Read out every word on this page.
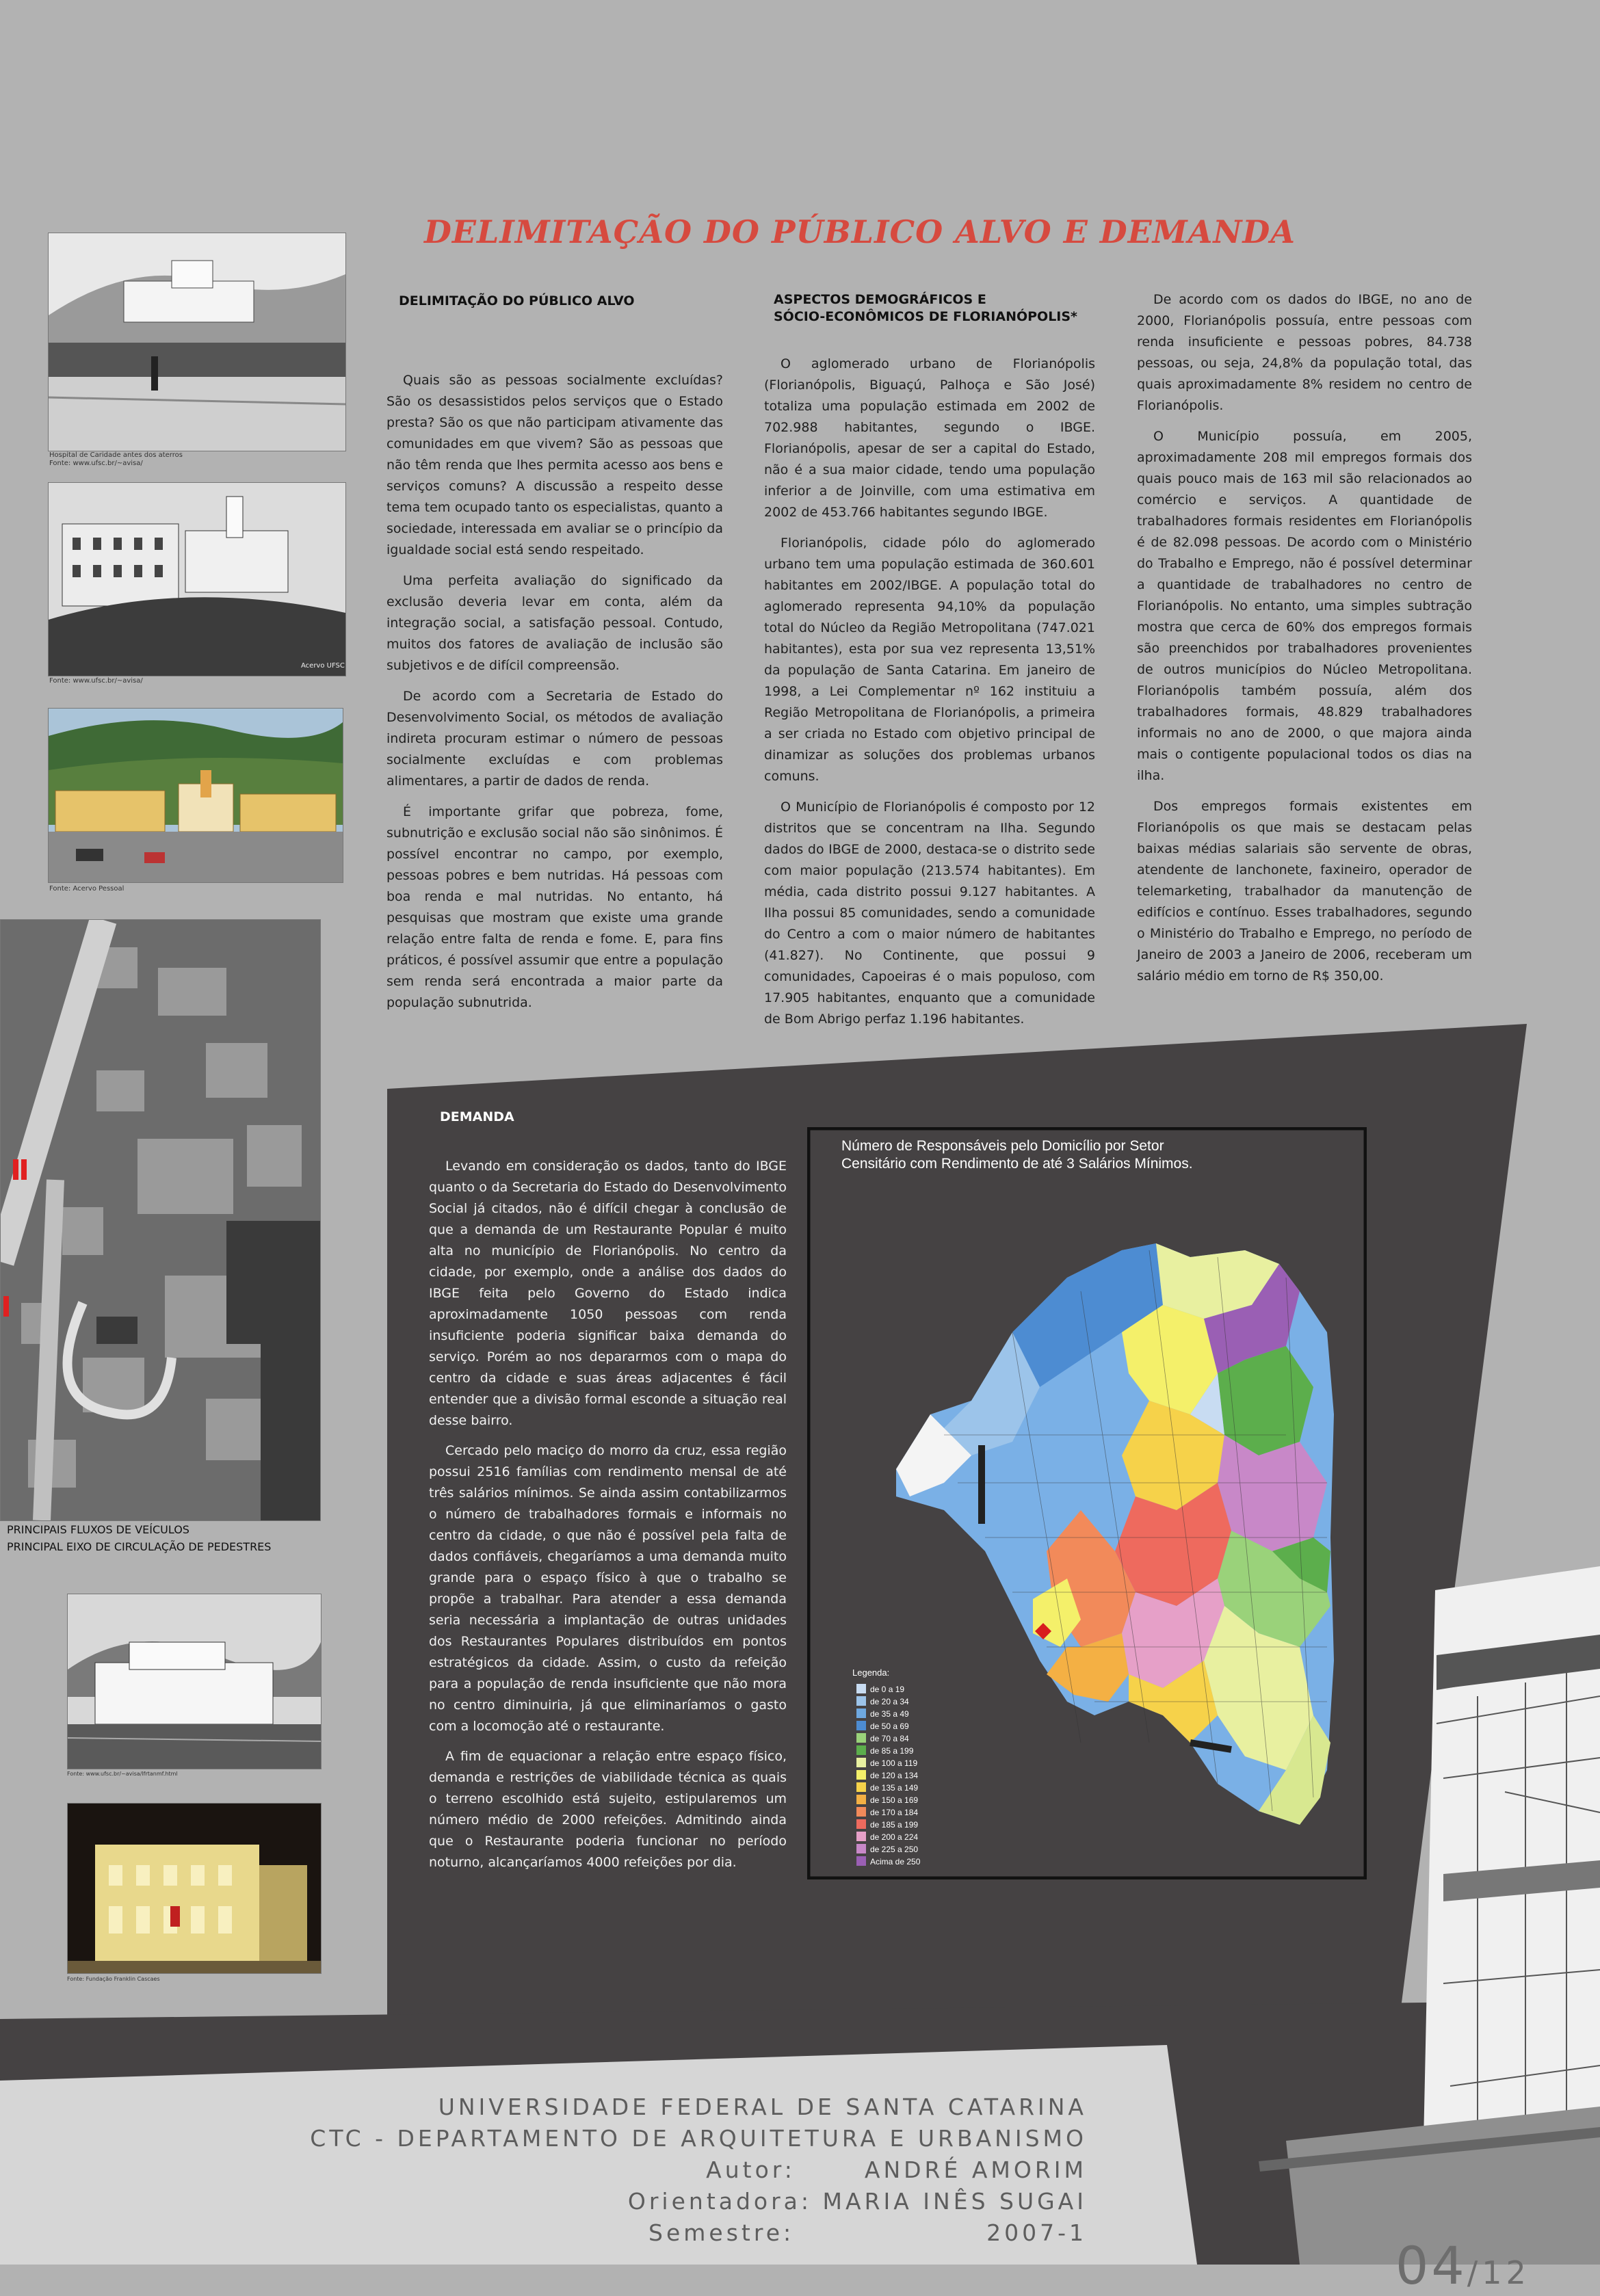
DELIMITAÇÃO DO PÚBLICO ALVO E DEMANDA
Hospital de Caridade antes dos aterros
Fonte: www.ufsc.br/~avisa/
Fonte: www.ufsc.br/~avisa/
Acervo UFSC
Fonte: Acervo Pessoal
PRINCIPAIS FLUXOS DE VEÍCULOS
PRINCIPAL EIXO DE CIRCULAÇÃO DE PEDESTRES
Fonte: www.ufsc.br/~avisa/lfrtanmf.html
Fonte: Fundação Franklin Cascaes
DELIMITAÇÃO DO PÚBLICO ALVO

Quais são as pessoas socialmente excluídas? São os desassistidos pelos serviços que o Estado presta? São os que não participam ativamente das comunidades em que vivem? São as pessoas que não têm renda que lhes permita acesso aos bens e serviços comuns? A discussão a respeito desse tema tem ocupado tanto os especialistas, quanto a sociedade, interessada em avaliar se o princípio da igualdade social está sendo respeitado.

Uma perfeita avaliação do significado da exclusão deveria levar em conta, além da integração social, a satisfação pessoal. Contudo, muitos dos fatores de avaliação de inclusão são subjetivos e de difícil compreensão.

De acordo com a Secretaria de Estado do Desenvolvimento Social, os métodos de avaliação indireta procuram estimar o número de pessoas socialmente excluídas e com problemas alimentares, a partir de dados de renda.

É importante grifar que pobreza, fome, subnutrição e exclusão social não são sinônimos. É possível encontrar no campo, por exemplo, pessoas pobres e bem nutridas. Há pessoas com boa renda e mal nutridas. No entanto, há pesquisas que mostram que existe uma grande relação entre falta de renda e fome. E, para fins práticos, é possível assumir que entre a população sem renda será encontrada a maior parte da população subnutrida.

ASPECTOS DEMOGRÁFICOS E
SÓCIO-ECONÔMICOS DE FLORIANÓPOLIS*

O aglomerado urbano de Florianópolis (Florianópolis, Biguaçú, Palhoça e São José) totaliza uma população estimada em 2002 de 702.988 habitantes, segundo o IBGE. Florianópolis, apesar de ser a capital do Estado, não é a sua maior cidade, tendo uma população inferior a de Joinville, com uma estimativa em 2002 de 453.766 habitantes segundo IBGE.

Florianópolis, cidade pólo do aglomerado urbano tem uma população estimada de 360.601 habitantes em 2002/IBGE. A população total do aglomerado representa 94,10% da população total do Núcleo da Região Metropolitana (747.021 habitantes), esta por sua vez representa 13,51% da população de Santa Catarina. Em janeiro de 1998, a Lei Complementar nº 162 instituiu a Região Metropolitana de Florianópolis, a primeira a ser criada no Estado com objetivo principal de dinamizar as soluções dos problemas urbanos comuns.

O Município de Florianópolis é composto por 12 distritos que se concentram na Ilha. Segundo dados do IBGE de 2000, destaca-se o distrito sede com maior população (213.574 habitantes). Em média, cada distrito possui 9.127 habitantes. A Ilha possui 85 comunidades, sendo a comunidade do Centro a com o maior número de habitantes (41.827). No Continente, que possui 9 comunidades, Capoeiras é o mais populoso, com 17.905 habitantes, enquanto que a comunidade de Bom Abrigo perfaz 1.196 habitantes.

De acordo com os dados do IBGE, no ano de 2000, Florianópolis possuía, entre pessoas com renda insuficiente e pessoas pobres, 84.738 pessoas, ou seja, 24,8% da população total, das quais aproximadamente 8% residem no centro de Florianópolis.

O Município possuía, em 2005, aproximadamente 208 mil empregos formais dos quais pouco mais de 163 mil são relacionados ao comércio e serviços. A quantidade de trabalhadores formais residentes em Florianópolis é de 82.098 pessoas. De acordo com o Ministério do Trabalho e Emprego, não é possível determinar a quantidade de trabalhadores no centro de Florianópolis. No entanto, uma simples subtração mostra que cerca de 60% dos empregos formais são preenchidos por trabalhadores provenientes de outros municípios do Núcleo Metropolitana. Florianópolis também possuía, além dos trabalhadores formais, 48.829 trabalhadores informais no ano de 2000, o que majora ainda mais o contigente populacional todos os dias na ilha.

Dos empregos formais existentes em Florianópolis os que mais se destacam pelas baixas médias salariais são servente de obras, atendente de lanchonete, faxineiro, operador de telemarketing, trabalhador da manutenção de edifícios e contínuo. Esses trabalhadores, segundo o Ministério do Trabalho e Emprego, no período de Janeiro de 2003 a Janeiro de 2006, receberam um salário médio em torno de R$ 350,00.

DEMANDA

Levando em consideração os dados, tanto do IBGE quanto o da Secretaria do Estado do Desenvolvimento Social já citados, não é difícil chegar à conclusão de que a demanda de um Restaurante Popular é muito alta no município de Florianópolis. No centro da cidade, por exemplo, onde a análise dos dados do IBGE feita pelo Governo do Estado indica aproximadamente 1050 pessoas com renda insuficiente poderia significar baixa demanda do serviço. Porém ao nos depararmos com o mapa do centro da cidade e suas áreas adjacentes é fácil entender que a divisão formal esconde a situação real desse bairro.

Cercado pelo maciço do morro da cruz, essa região possui 2516 famílias com rendimento mensal de até três salários mínimos. Se ainda assim contabilizarmos o número de trabalhadores formais e informais no centro da cidade, o que não é possível pela falta de dados confiáveis, chegaríamos a uma demanda muito grande para o espaço físico à que o trabalho se propõe a trabalhar. Para atender a essa demanda seria necessária a implantação de outras unidades dos Restaurantes Populares distribuídos em pontos estratégicos da cidade. Assim, o custo da refeição para a população de renda insuficiente que não mora no centro diminuiria, já que eliminaríamos o gasto com a locomoção até o restaurante.

A fim de equacionar a relação entre espaço físico, demanda e restrições de viabilidade técnica as quais o terreno escolhido está sujeito, estipularemos um número médio de 2000 refeições. Admitindo ainda que o Restaurante poderia funcionar no período noturno, alcançaríamos 4000 refeições por dia.

Número de Responsáveis pelo Domicílio por Setor
Censitário com Rendimento de até 3 Salários Mínimos.
Legenda:
de 0 a 19
de 20 a 34
de 35 a 49
de 50 a 69
de 70 a 84
de 85 a 199
de 100 a 119
de 120 a 134
de 135 a 149
de 150 a 169
de 170 a 184
de 185 a 199
de 200 a 224
de 225 a 250
Acima de 250
UNIVERSIDADE FEDERAL DE SANTA CATARINA
CTC - DEPARTAMENTO DE ARQUITETURA E URBANISMO
Autor:	ANDRÉ AMORIM
Orientadora: MARIA INÊS SUGAI
Semestre:	2007-1
04/12
